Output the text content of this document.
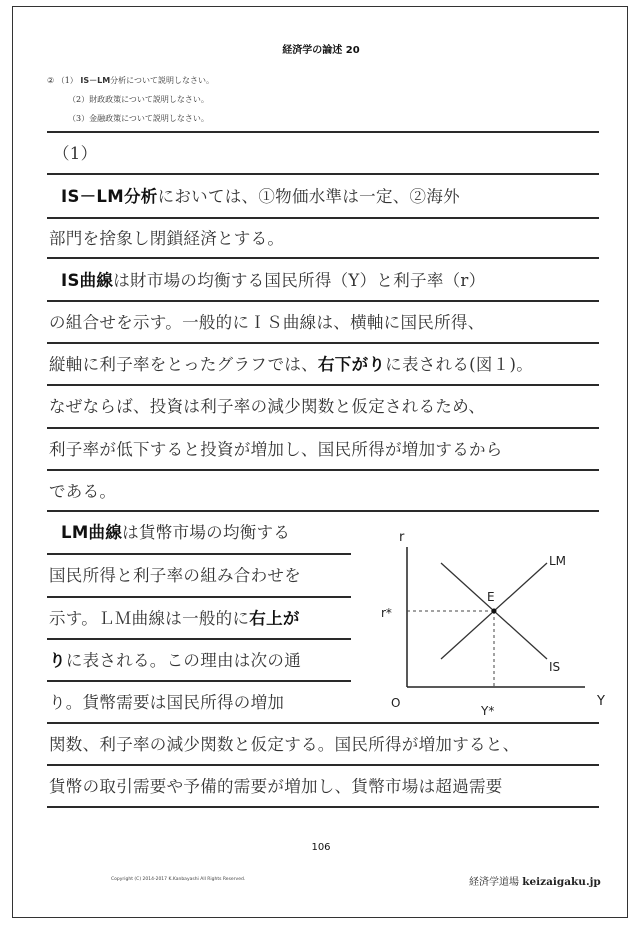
経済学の論述 20
② （1） IS－LM分析について説明しなさい。
（2）財政政策について説明しなさい。
（3）金融政策について説明しなさい。
（1）
IS－LM分析においては、①物価水準は一定、②海外
部門を捨象し閉鎖経済とする。
IS曲線は財市場の均衡する国民所得（Y）と利子率（r）
の組合せを示す。一般的にＩＳ曲線は、横軸に国民所得、
縦軸に利子率をとったグラフでは、右下がりに表される(図１)。
なぜならば、投資は利子率の減少関数と仮定されるため、
利子率が低下すると投資が増加し、国民所得が増加するから
である。
LM曲線は貨幣市場の均衡する
国民所得と利子率の組み合わせを
示す。ＬＭ曲線は一般的に右上が
りに表される。この理由は次の通
り。貨幣需要は国民所得の増加
関数、利子率の減少関数と仮定する。国民所得が増加すると、
貨幣の取引需要や予備的需要が増加し、貨幣市場は超過需要
r
Y
O
LM
IS
E
r*
Y*
106
Copyright (C) 2014-2017 K.Kanbayashi All Rights Reserved.	経済学道場 keizaigaku.jp
